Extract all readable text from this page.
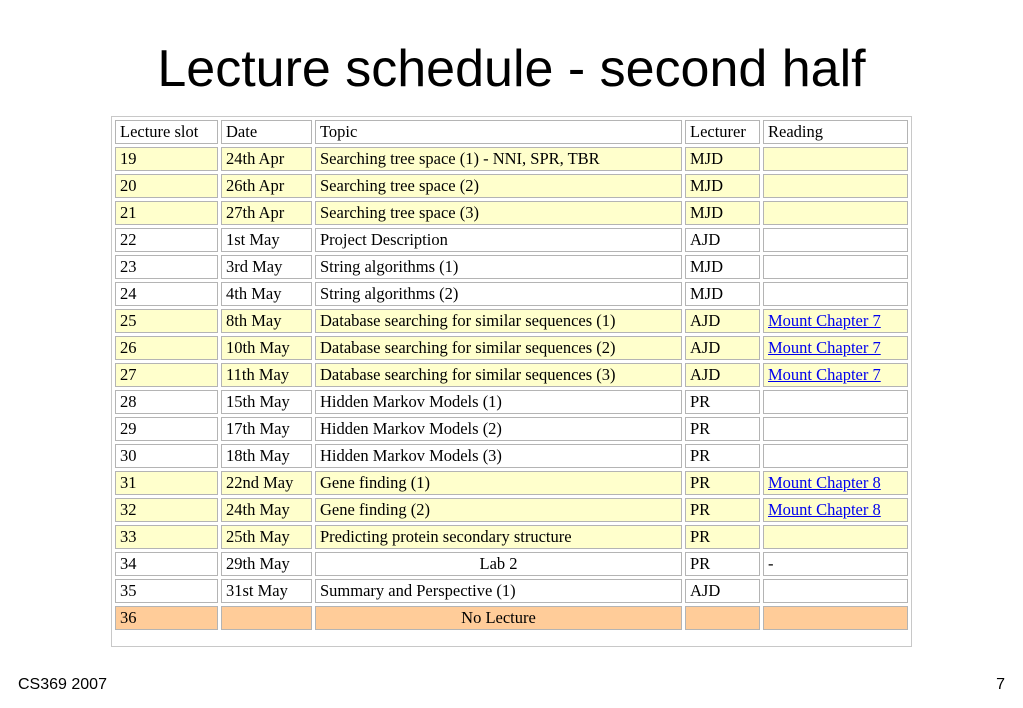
Lecture schedule - second half
Lecture slot	Date	Topic	Lecturer	Reading
19	24th Apr	Searching tree space (1) - NNI, SPR, TBR	MJD	
20	26th Apr	Searching tree space (2)	MJD	
21	27th Apr	Searching tree space (3)	MJD	
22	1st May	Project Description	AJD	
23	3rd May	String algorithms (1)	MJD	
24	4th May	String algorithms (2)	MJD	
25	8th May	Database searching for similar sequences (1)	AJD	Mount Chapter 7
26	10th May	Database searching for similar sequences (2)	AJD	Mount Chapter 7
27	11th May	Database searching for similar sequences (3)	AJD	Mount Chapter 7
28	15th May	Hidden Markov Models (1)	PR	
29	17th May	Hidden Markov Models (2)	PR	
30	18th May	Hidden Markov Models (3)	PR	
31	22nd May	Gene finding (1)	PR	Mount Chapter 8
32	24th May	Gene finding (2)	PR	Mount Chapter 8
33	25th May	Predicting protein secondary structure	PR	
34	29th May	Lab 2	PR	-
35	31st May	Summary and Perspective (1)	AJD	
36		No Lecture		
CS369 2007	7
